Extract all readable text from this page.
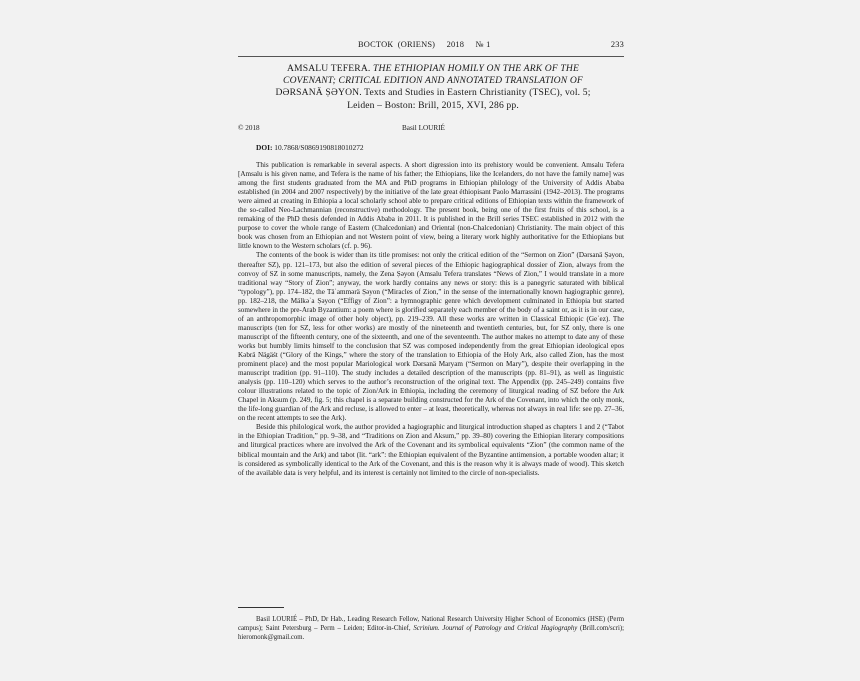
ВОСТОК  (ORIENS)     2018     № 1	233
AMSALU TEFERA. THE ETHIOPIAN HOMILY ON THE ARK OF THE
COVENANT; CRITICAL EDITION AND ANNOTATED TRANSLATION OF
DƏRSANÄ ṢƏYON. Texts and Studies in Eastern Christianity (TSEC), vol. 5;
Leiden – Boston: Brill, 2015, XVI, 286 pp.
© 2018	Basil LOURIÉ
DOI: 10.7868/S0869190818010272

This publication is remarkable in several aspects. A short digression into its prehistory would be convenient. Amsalu Tefera [Amsalu is his given name, and Tefera is the name of his father; the Ethiopians, like the Icelanders, do not have the family name] was among the first students graduated from the MA and PhD programs in Ethiopian philology of the University of Addis Ababa established (in 2004 and 2007 respectively) by the initiative of the late great éthiopisant Paolo Marrassini (1942–2013). The programs were aimed at creating in Ethiopia a local scholarly school able to prepare critical editions of Ethiopian texts within the framework of the so-called Neo-Lachmannian (reconstructive) methodology. The present book, being one of the first fruits of this school, is a remaking of the PhD thesis defended in Addis Ababa in 2011. It is published in the Brill series TSEC established in 2012 with the purpose to cover the whole range of Eastern (Chalcedonian) and Oriental (non-Chalcedonian) Christianity. The main object of this book was chosen from an Ethiopian and not Western point of view, being a literary work highly authoritative for the Ethiopians but little known to the Western scholars (cf. p. 96).

The contents of the book is wider than its title promises: not only the critical edition of the “Sermon on Zion” (Dərsanä Ṣəyon, thereafter SZ), pp. 121–173, but also the edition of several pieces of the Ethiopic hagiographical dossier of Zion, always from the convoy of SZ in some manuscripts, namely, the Zena Ṣəyon (Amsalu Tefera translates “News of Zion,” I would translate in a more traditional way “Story of Zion”; anyway, the work hardly contains any news or story: this is a panegyric saturated with biblical “typology”), pp. 174–182, the Täʾammərä Ṣəyon (“Miracles of Zion,” in the sense of the internationally known hagiographic genre), pp. 182–218, the Mälkəʾa Ṣəyon (“Effigy of Zion”: a hymnographic genre which development culminated in Ethiopia but started somewhere in the pre-Arab Byzantium: a poem where is glorified separately each member of the body of a saint or, as it is in our case, of an anthropomorphic image of other holy object), pp. 219–239. All these works are written in Classical Ethiopic (Geʿez). The manuscripts (ten for SZ, less for other works) are mostly of the nineteenth and twentieth centuries, but, for SZ only, there is one manuscript of the fifteenth century, one of the sixteenth, and one of the seventeenth. The author makes no attempt to date any of these works but humbly limits himself to the conclusion that SZ was composed independently from the great Ethiopian ideological epos Kəbrä Nägäśt (“Glory of the Kings,” where the story of the translation to Ethiopia of the Holy Ark, also called Zion, has the most prominent place) and the most popular Mariological work Dərsanä Maryam (“Sermon on Mary”), despite their overlapping in the manuscript tradition (pp. 91–110). The study includes a detailed description of the manuscripts (pp. 81–91), as well as linguistic analysis (pp. 110–120) which serves to the author’s reconstruction of the original text. The Appendix (pp. 245–249) contains five colour illustrations related to the topic of Zion/Ark in Ethiopia, including the ceremony of liturgical reading of SZ before the Ark Chapel in Aksum (p. 249, fig. 5; this chapel is a separate building constructed for the Ark of the Covenant, into which the only monk, the life-long guardian of the Ark and recluse, is allowed to enter – at least, theoretically, whereas not always in real life: see pp. 27–36, on the recent attempts to see the Ark).

Beside this philological work, the author provided a hagiographic and liturgical introduction shaped as chapters 1 and 2 (“Tabot in the Ethiopian Tradition,” pp. 9–38, and “Traditions on Zion and Aksum,” pp. 39–80) covering the Ethiopian literary compositions and liturgical practices where are involved the Ark of the Covenant and its symbolical equivalents “Zion” (the common name of the biblical mountain and the Ark) and tabot (lit. “ark”: the Ethiopian equivalent of the Byzantine antimension, a portable wooden altar; it is considered as symbolically identical to the Ark of the Covenant, and this is the reason why it is always made of wood). This sketch of the available data is very helpful, and its interest is certainly not limited to the circle of non-specialists.

Basil LOURIÉ – PhD, Dr Hab., Leading Research Fellow, National Research University Higher School of Economics (HSE) (Perm campus); Saint Petersburg – Perm – Leiden; Editor-in-Chief, Scrinium. Journal of Patrology and Critical Hagiography (Brill.com/scri); hieromonk@gmail.com.
